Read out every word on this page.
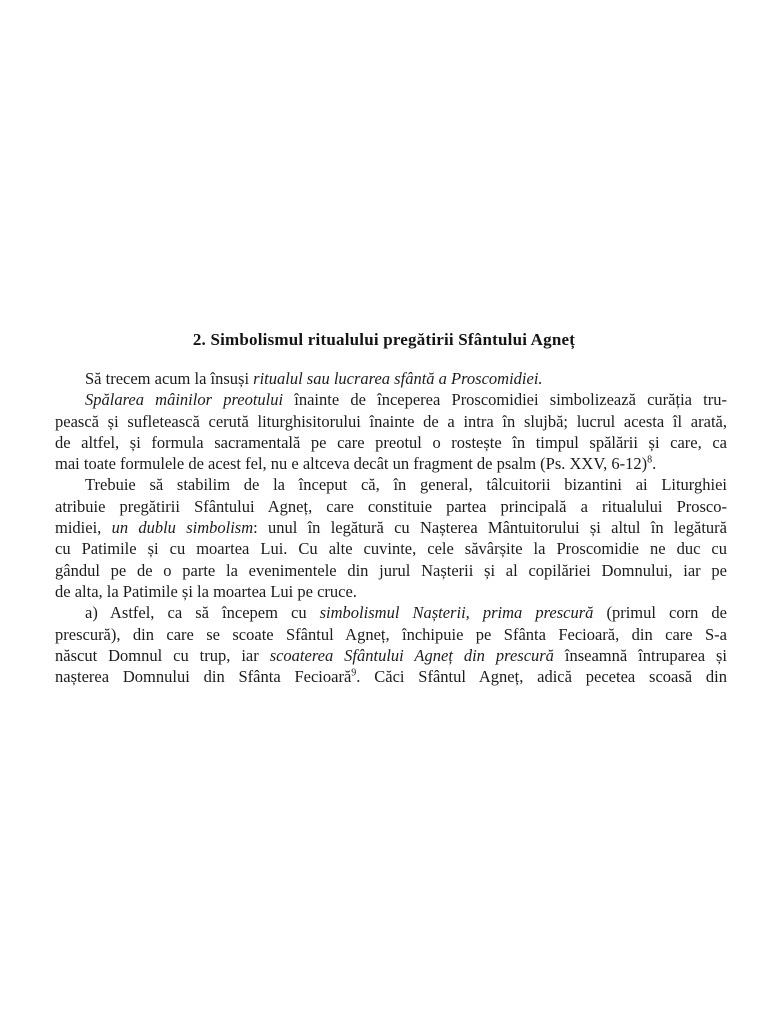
2. Simbolismul ritualului pregătirii Sfântului Agneț
Să trecem acum la însuși ritualul sau lucrarea sfântă a Proscomidiei.
Spălarea mâinilor preotului înainte de începerea Proscomidiei simbolizează curăția tru-
pească și sufletească cerută liturghisitorului înainte de a intra în slujbă; lucrul acesta îl arată,
de altfel, și formula sacramentală pe care preotul o rostește în timpul spălării și care, ca
mai toate formulele de acest fel, nu e altceva decât un fragment de psalm (Ps. XXV, 6-12)$^8$.
Trebuie să stabilim de la început că, în general, tâlcuitorii bizantini ai Liturghiei
atribuie pregătirii Sfântului Agneț, care constituie partea principală a ritualului Prosco-
midiei, un dublu simbolism: unul în legătură cu Nașterea Mântuitorului și altul în legătură
cu Patimile și cu moartea Lui. Cu alte cuvinte, cele săvârșite la Proscomidie ne duc cu
gândul pe de o parte la evenimentele din jurul Nașterii și al copilăriei Domnului, iar pe
de alta, la Patimile și la moartea Lui pe cruce.
a) Astfel, ca să începem cu simbolismul Nașterii, prima prescură (primul corn de
prescură), din care se scoate Sfântul Agneț, închipuie pe Sfânta Fecioară, din care S-a
născut Domnul cu trup, iar scoaterea Sfântului Agneț din prescură înseamnă întruparea și
nașterea Domnului din Sfânta Fecioară$^9$. Căci Sfântul Agneț, adică pecetea scoasă din
